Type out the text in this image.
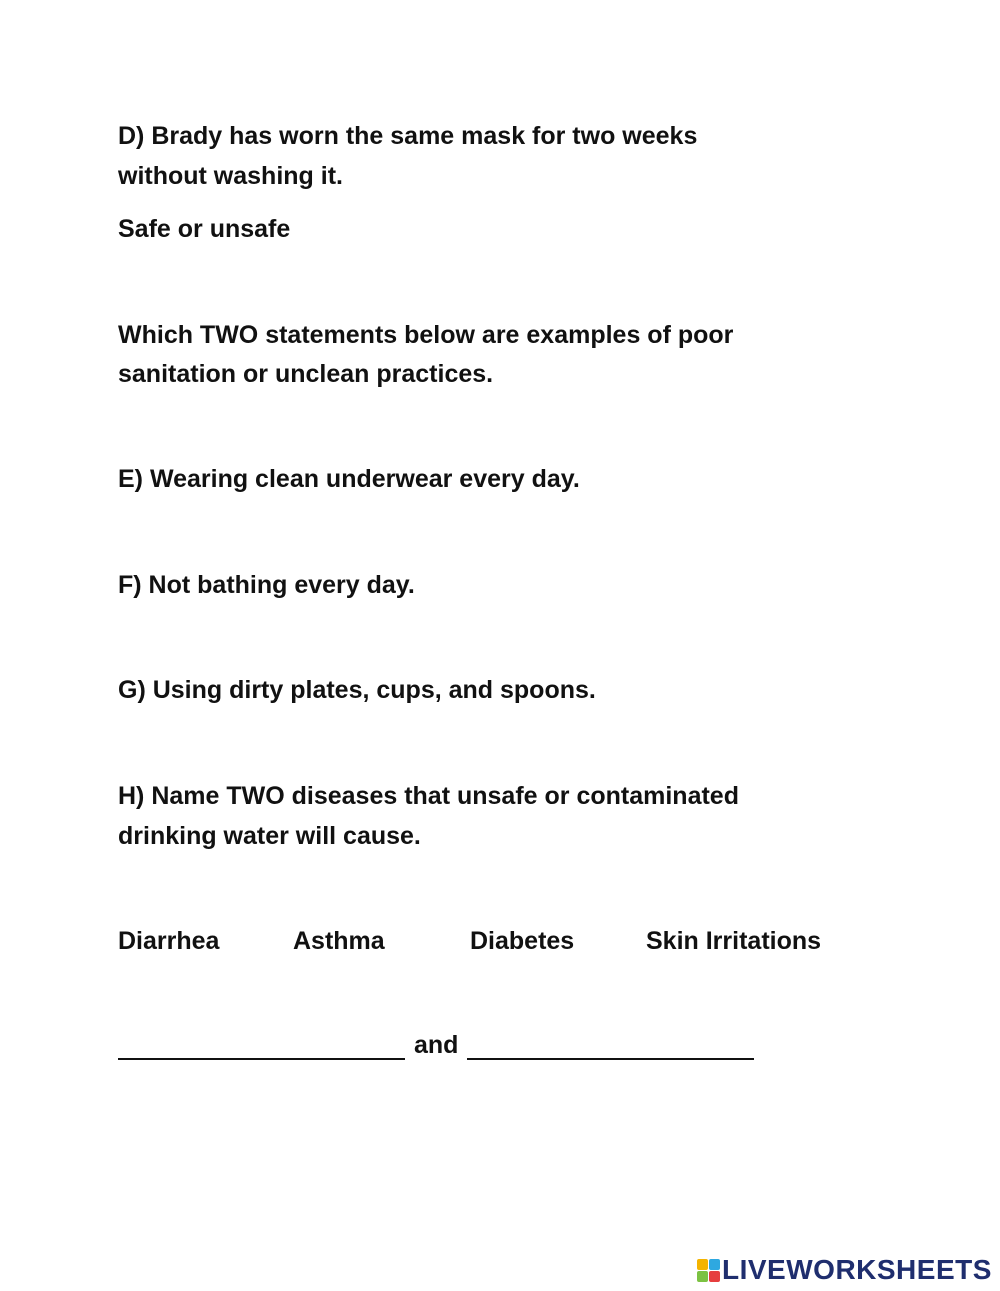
D) Brady has worn the same mask for two weeks

without washing it.

Safe or unsafe

Which TWO statements below are examples of poor

sanitation or unclean practices.

E) Wearing clean underwear every day.

F) Not bathing every day.

G) Using dirty plates, cups, and spoons.

H) Name TWO diseases that unsafe or contaminated

drinking water will cause.

Diarrhea	Asthma	Diabetes	Skin Irritations
and
LIVEWORKSHEETS
